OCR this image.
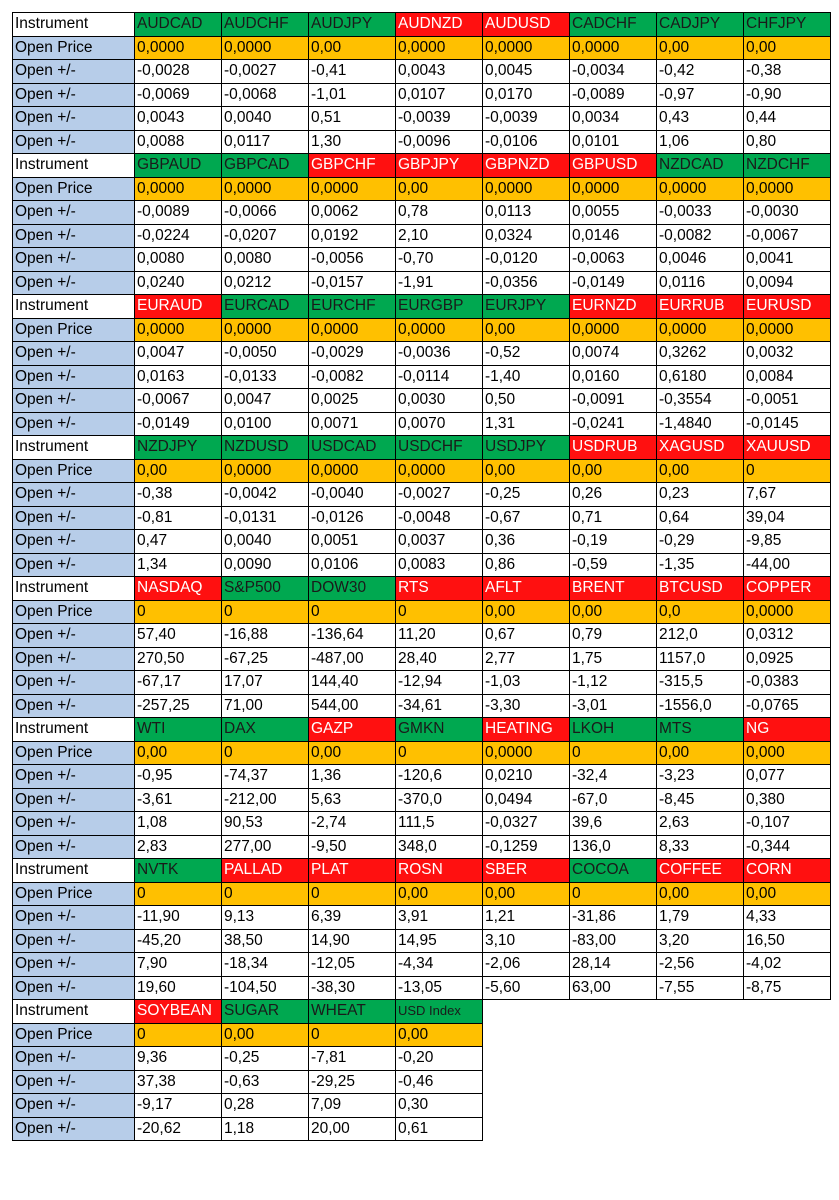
Instrument	AUDCAD	AUDCHF	AUDJPY	AUDNZD	AUDUSD	CADCHF	CADJPY	CHFJPY
Open Price	0,0000	0,0000	0,00	0,0000	0,0000	0,0000	0,00	0,00
Open +/-	-0,0028	-0,0027	-0,41	0,0043	0,0045	-0,0034	-0,42	-0,38
Open +/-	-0,0069	-0,0068	-1,01	0,0107	0,0170	-0,0089	-0,97	-0,90
Open +/-	0,0043	0,0040	0,51	-0,0039	-0,0039	0,0034	0,43	0,44
Open +/-	0,0088	0,0117	1,30	-0,0096	-0,0106	0,0101	1,06	0,80
Instrument	GBPAUD	GBPCAD	GBPCHF	GBPJPY	GBPNZD	GBPUSD	NZDCAD	NZDCHF
Open Price	0,0000	0,0000	0,0000	0,00	0,0000	0,0000	0,0000	0,0000
Open +/-	-0,0089	-0,0066	0,0062	0,78	0,0113	0,0055	-0,0033	-0,0030
Open +/-	-0,0224	-0,0207	0,0192	2,10	0,0324	0,0146	-0,0082	-0,0067
Open +/-	0,0080	0,0080	-0,0056	-0,70	-0,0120	-0,0063	0,0046	0,0041
Open +/-	0,0240	0,0212	-0,0157	-1,91	-0,0356	-0,0149	0,0116	0,0094
Instrument	EURAUD	EURCAD	EURCHF	EURGBP	EURJPY	EURNZD	EURRUB	EURUSD
Open Price	0,0000	0,0000	0,0000	0,0000	0,00	0,0000	0,0000	0,0000
Open +/-	0,0047	-0,0050	-0,0029	-0,0036	-0,52	0,0074	0,3262	0,0032
Open +/-	0,0163	-0,0133	-0,0082	-0,0114	-1,40	0,0160	0,6180	0,0084
Open +/-	-0,0067	0,0047	0,0025	0,0030	0,50	-0,0091	-0,3554	-0,0051
Open +/-	-0,0149	0,0100	0,0071	0,0070	1,31	-0,0241	-1,4840	-0,0145
Instrument	NZDJPY	NZDUSD	USDCAD	USDCHF	USDJPY	USDRUB	XAGUSD	XAUUSD
Open Price	0,00	0,0000	0,0000	0,0000	0,00	0,00	0,00	0
Open +/-	-0,38	-0,0042	-0,0040	-0,0027	-0,25	0,26	0,23	7,67
Open +/-	-0,81	-0,0131	-0,0126	-0,0048	-0,67	0,71	0,64	39,04
Open +/-	0,47	0,0040	0,0051	0,0037	0,36	-0,19	-0,29	-9,85
Open +/-	1,34	0,0090	0,0106	0,0083	0,86	-0,59	-1,35	-44,00
Instrument	NASDAQ	S&P500	DOW30	RTS	AFLT	BRENT	BTCUSD	COPPER
Open Price	0	0	0	0	0,00	0,00	0,0	0,0000
Open +/-	57,40	-16,88	-136,64	11,20	0,67	0,79	212,0	0,0312
Open +/-	270,50	-67,25	-487,00	28,40	2,77	1,75	1157,0	0,0925
Open +/-	-67,17	17,07	144,40	-12,94	-1,03	-1,12	-315,5	-0,0383
Open +/-	-257,25	71,00	544,00	-34,61	-3,30	-3,01	-1556,0	-0,0765
Instrument	WTI	DAX	GAZP	GMKN	HEATING	LKOH	MTS	NG
Open Price	0,00	0	0,00	0	0,0000	0	0,00	0,000
Open +/-	-0,95	-74,37	1,36	-120,6	0,0210	-32,4	-3,23	0,077
Open +/-	-3,61	-212,00	5,63	-370,0	0,0494	-67,0	-8,45	0,380
Open +/-	1,08	90,53	-2,74	111,5	-0,0327	39,6	2,63	-0,107
Open +/-	2,83	277,00	-9,50	348,0	-0,1259	136,0	8,33	-0,344
Instrument	NVTK	PALLAD	PLAT	ROSN	SBER	COCOA	COFFEE	CORN
Open Price	0	0	0	0,00	0,00	0	0,00	0,00
Open +/-	-11,90	9,13	6,39	3,91	1,21	-31,86	1,79	4,33
Open +/-	-45,20	38,50	14,90	14,95	3,10	-83,00	3,20	16,50
Open +/-	7,90	-18,34	-12,05	-4,34	-2,06	28,14	-2,56	-4,02
Open +/-	19,60	-104,50	-38,30	-13,05	-5,60	63,00	-7,55	-8,75
Instrument	SOYBEAN	SUGAR	WHEAT	USD Index				
Open Price	0	0,00	0	0,00				
Open +/-	9,36	-0,25	-7,81	-0,20				
Open +/-	37,38	-0,63	-29,25	-0,46				
Open +/-	-9,17	0,28	7,09	0,30				
Open +/-	-20,62	1,18	20,00	0,61				
